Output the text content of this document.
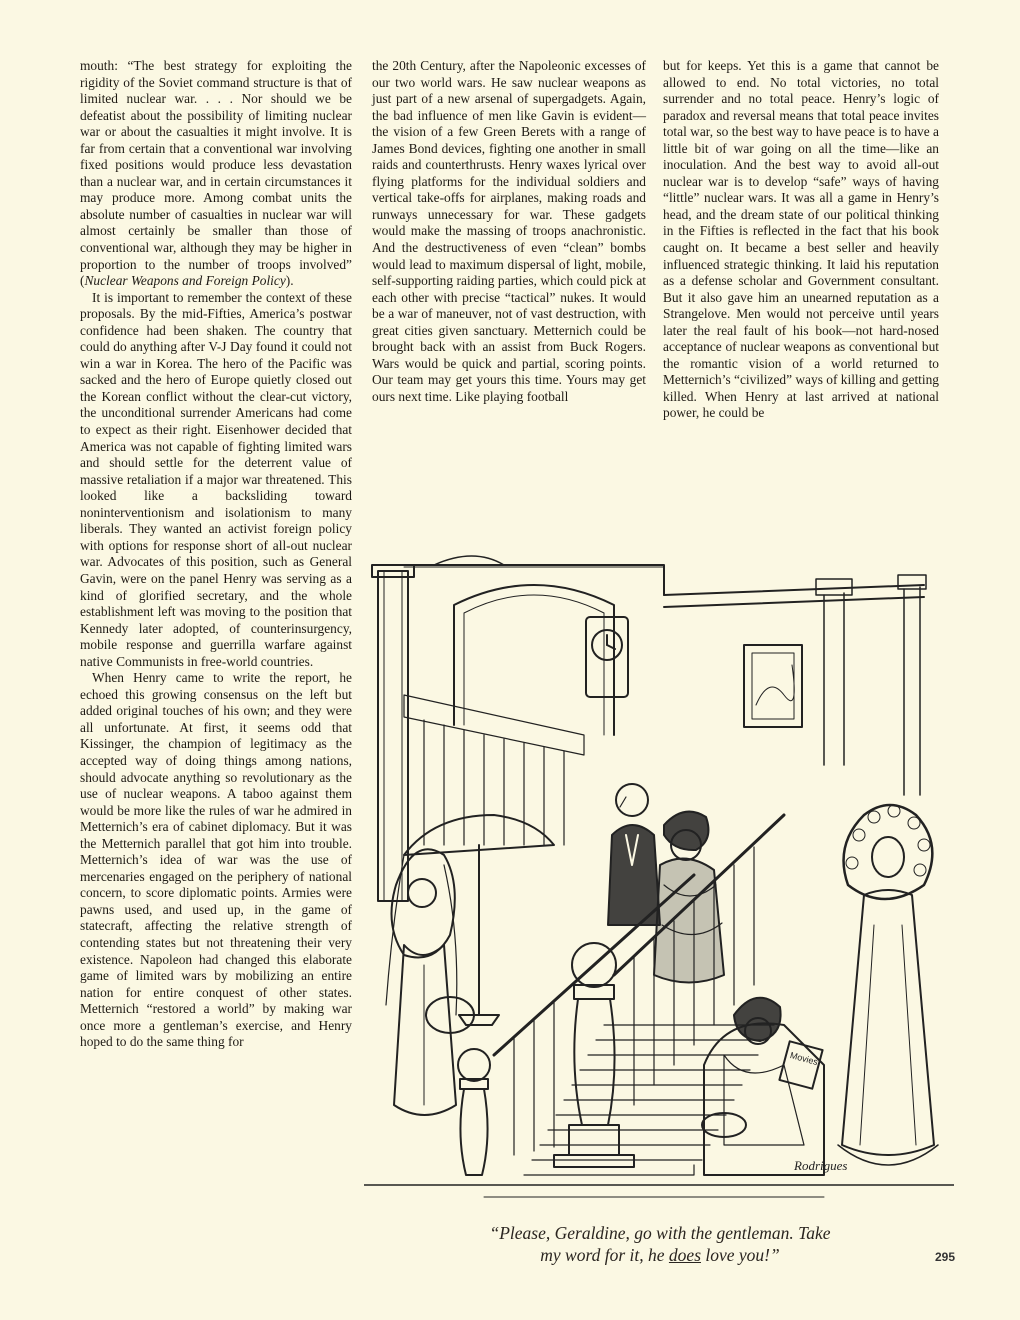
mouth: “The best strategy for exploiting the rigidity of the Soviet command structure is that of limited nuclear war. . . . Nor should we be defeatist about the possibility of limiting nuclear war or about the casualties it might involve. It is far from certain that a conventional war involving fixed positions would produce less devastation than a nuclear war, and in certain circumstances it may produce more. Among combat units the absolute number of casualties in nuclear war will almost certainly be smaller than those of conventional war, although they may be higher in proportion to the number of troops involved” (Nuclear Weapons and Foreign Policy).

It is important to remember the context of these proposals. By the mid-Fifties, America’s postwar confidence had been shaken. The country that could do anything after V-J Day found it could not win a war in Korea. The hero of the Pacific was sacked and the hero of Europe quietly closed out the Korean conflict without the clear-cut victory, the unconditional surrender Americans had come to expect as their right. Eisenhower decided that America was not capable of fighting limited wars and should settle for the deterrent value of massive retaliation if a major war threatened. This looked like a backsliding toward noninterventionism and isolationism to many liberals. They wanted an activist foreign policy with options for response short of all-out nuclear war. Advocates of this position, such as General Gavin, were on the panel Henry was serving as a kind of glorified secretary, and the whole establishment left was moving to the position that Kennedy later adopted, of counterinsurgency, mobile response and guerrilla warfare against native Communists in free-world countries.

When Henry came to write the report, he echoed this growing consensus on the left but added original touches of his own; and they were all unfortunate. At first, it seems odd that Kissinger, the champion of legitimacy as the accepted way of doing things among nations, should advocate anything so revolutionary as the use of nuclear weapons. A taboo against them would be more like the rules of war he admired in Metternich’s era of cabinet diplomacy. But it was the Metternich parallel that got him into trouble. Metternich’s idea of war was the use of mercenaries engaged on the periphery of national concern, to score diplomatic points. Armies were pawns used, and used up, in the game of statecraft, affecting the relative strength of contending states but not threatening their very existence. Napoleon had changed this elaborate game of limited wars by mobilizing an entire nation for entire conquest of other states. Metternich “restored a world” by making war once more a gentleman’s exercise, and Henry hoped to do the same thing for

the 20th Century, after the Napoleonic excesses of our two world wars. He saw nuclear weapons as just part of a new arsenal of supergadgets. Again, the bad influence of men like Gavin is evident—the vision of a few Green Berets with a range of James Bond devices, fighting one another in small raids and counterthrusts. Henry waxes lyrical over flying platforms for the individual soldiers and vertical take-offs for airplanes, making roads and runways unnecessary for war. These gadgets would make the massing of troops anachronistic. And the destructiveness of even “clean” bombs would lead to maximum dispersal of light, mobile, self-supporting raiding parties, which could pick at each other with precise “tactical” nukes. It would be a war of maneuver, not of vast destruction, with great cities given sanctuary. Metternich could be brought back with an assist from Buck Rogers. Wars would be quick and partial, scoring points. Our team may get yours this time. Yours may get ours next time. Like playing football

but for keeps. Yet this is a game that cannot be allowed to end. No total victories, no total surrender and no total peace. Henry’s logic of paradox and reversal means that total peace invites total war, so the best way to have peace is to have a little bit of war going on all the time—like an inoculation. And the best way to avoid all-out nuclear war is to develop “safe” ways of having “little” nuclear wars. It was all a game in Henry’s head, and the dream state of our political thinking in the Fifties is reflected in the fact that his book caught on. It became a best seller and heavily influenced strategic thinking. It laid his reputation as a defense scholar and Government consultant. But it also gave him an unearned reputation as a Strangelove. Men would not perceive until years later the real fault of his book—not hard-nosed acceptance of nuclear weapons as conventional but the romantic vision of a world returned to Metternich’s “civilized” ways of killing and getting killed. When Henry at last arrived at national power, he could be

Movies
Rodrigues
“Please, Geraldine, go with the gentleman. Take
my word for it, he does love you!”	295
